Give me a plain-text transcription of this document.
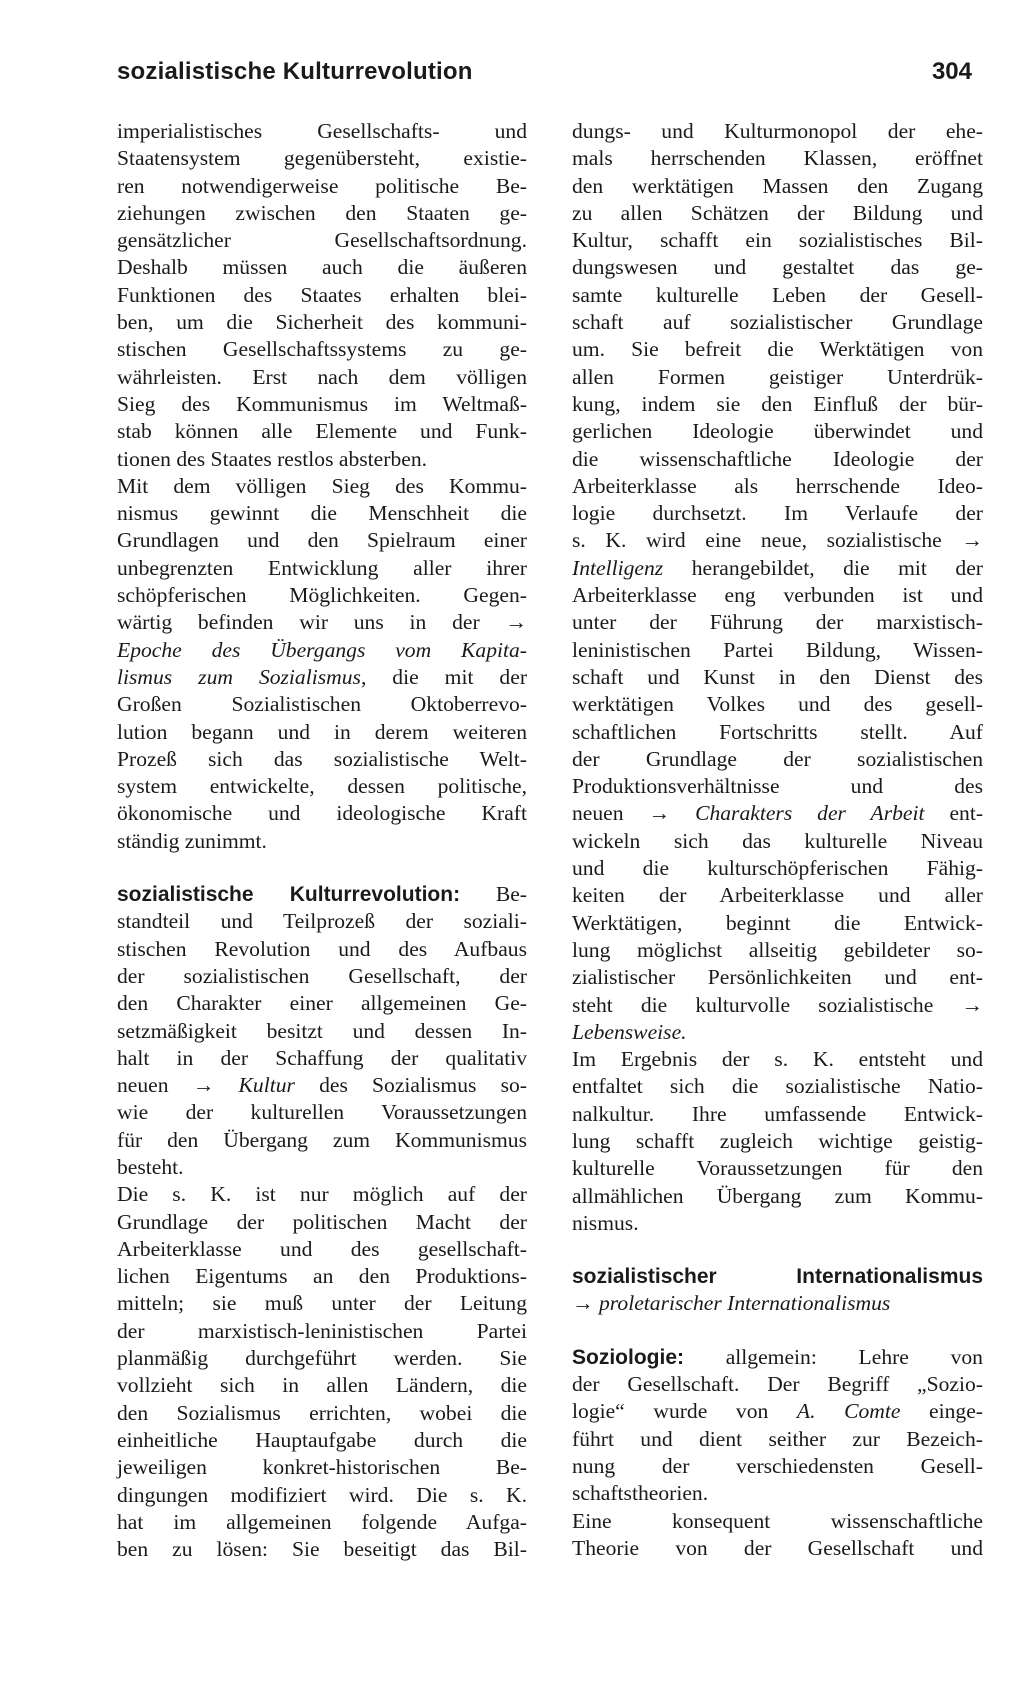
sozialistische Kulturrevolution	304
imperialistisches Gesellschafts- und
Staatensystem gegenübersteht, existie-
ren notwendigerweise politische Be-
ziehungen zwischen den Staaten ge-
gensätzlicher Gesellschaftsordnung.
Deshalb müssen auch die äußeren
Funktionen des Staates erhalten blei-
ben, um die Sicherheit des kommuni-
stischen Gesellschaftssystems zu ge-
währleisten. Erst nach dem völligen
Sieg des Kommunismus im Weltmaß-
stab können alle Elemente und Funk-
tionen des Staates restlos absterben.
Mit dem völligen Sieg des Kommu-
nismus gewinnt die Menschheit die
Grundlagen und den Spielraum einer
unbegrenzten Entwicklung aller ihrer
schöpferischen Möglichkeiten. Gegen-
wärtig befinden wir uns in der →
Epoche des Übergangs vom Kapita-
lismus zum Sozialismus, die mit der
Großen Sozialistischen Oktoberrevo-
lution begann und in derem weiteren
Prozeß sich das sozialistische Welt-
system entwickelte, dessen politische,
ökonomische und ideologische Kraft
ständig zunimmt.
sozialistische Kulturrevolution: Be-
standteil und Teilprozeß der soziali-
stischen Revolution und des Aufbaus
der sozialistischen Gesellschaft, der
den Charakter einer allgemeinen Ge-
setzmäßigkeit besitzt und dessen In-
halt in der Schaffung der qualitativ
neuen → Kultur des Sozialismus so-
wie der kulturellen Voraussetzungen
für den Übergang zum Kommunismus
besteht.
Die s. K. ist nur möglich auf der
Grundlage der politischen Macht der
Arbeiterklasse und des gesellschaft-
lichen Eigentums an den Produktions-
mitteln; sie muß unter der Leitung
der marxistisch-leninistischen Partei
planmäßig durchgeführt werden. Sie
vollzieht sich in allen Ländern, die
den Sozialismus errichten, wobei die
einheitliche Hauptaufgabe durch die
jeweiligen konkret-historischen Be-
dingungen modifiziert wird. Die s. K.
hat im allgemeinen folgende Aufga-
ben zu lösen: Sie beseitigt das Bil-
dungs- und Kulturmonopol der ehe-
mals herrschenden Klassen, eröffnet
den werktätigen Massen den Zugang
zu allen Schätzen der Bildung und
Kultur, schafft ein sozialistisches Bil-
dungswesen und gestaltet das ge-
samte kulturelle Leben der Gesell-
schaft auf sozialistischer Grundlage
um. Sie befreit die Werktätigen von
allen Formen geistiger Unterdrük-
kung, indem sie den Einfluß der bür-
gerlichen Ideologie überwindet und
die wissenschaftliche Ideologie der
Arbeiterklasse als herrschende Ideo-
logie durchsetzt. Im Verlaufe der
s. K. wird eine neue, sozialistische →
Intelligenz herangebildet, die mit der
Arbeiterklasse eng verbunden ist und
unter der Führung der marxistisch-
leninistischen Partei Bildung, Wissen-
schaft und Kunst in den Dienst des
werktätigen Volkes und des gesell-
schaftlichen Fortschritts stellt. Auf
der Grundlage der sozialistischen
Produktionsverhältnisse und des
neuen → Charakters der Arbeit ent-
wickeln sich das kulturelle Niveau
und die kulturschöpferischen Fähig-
keiten der Arbeiterklasse und aller
Werktätigen, beginnt die Entwick-
lung möglichst allseitig gebildeter so-
zialistischer Persönlichkeiten und ent-
steht die kulturvolle sozialistische →
Lebensweise.
Im Ergebnis der s. K. entsteht und
entfaltet sich die sozialistische Natio-
nalkultur. Ihre umfassende Entwick-
lung schafft zugleich wichtige geistig-
kulturelle Voraussetzungen für den
allmählichen Übergang zum Kommu-
nismus.
sozialistischer	Internationalismus
→ proletarischer Internationalismus
Soziologie: allgemein: Lehre von
der Gesellschaft. Der Begriff „Sozio-
logie“ wurde von A. Comte einge-
führt und dient seither zur Bezeich-
nung der verschiedensten Gesell-
schaftstheorien.
Eine konsequent wissenschaftliche
Theorie von der Gesellschaft und
